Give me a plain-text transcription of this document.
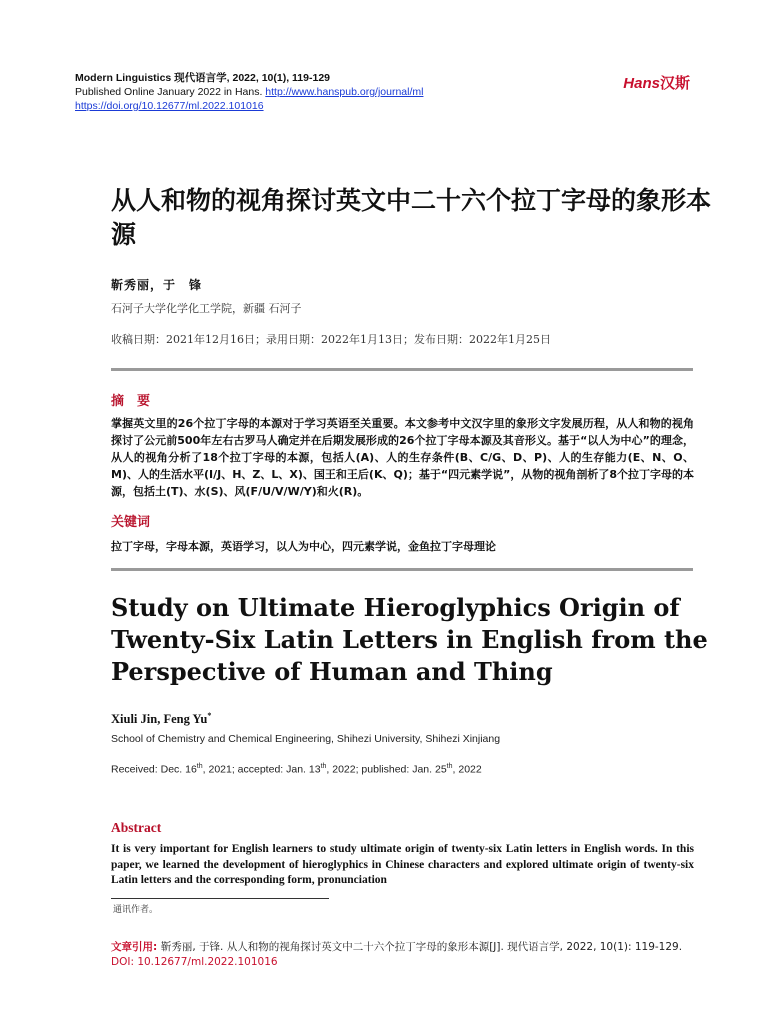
Modern Linguistics 现代语言学, 2022, 10(1), 119-129
Published Online January 2022 in Hans. http://www.hanspub.org/journal/ml
https://doi.org/10.12677/ml.2022.101016
Hans汉斯
从人和物的视角探讨英文中二十六个拉丁字母的象形本源
靳秀丽，于　锋
石河子大学化学化工学院，新疆 石河子
收稿日期：2021年12月16日；录用日期：2022年1月13日；发布日期：2022年1月25日
摘　要
掌握英文里的26个拉丁字母的本源对于学习英语至关重要。本文参考中文汉字里的象形文字发展历程，从人和物的视角探讨了公元前500年左右古罗马人确定并在后期发展形成的26个拉丁字母本源及其音形义。基于“以人为中心”的理念，从人的视角分析了18个拉丁字母的本源，包括人(A)、人的生存条件(B、C/G、D、P)、人的生存能力(E、N、O、M)、人的生活水平(I/J、H、Z、L、X)、国王和王后(K、Q)；基于“四元素学说”，从物的视角剖析了8个拉丁字母的本源，包括土(T)、水(S)、风(F/U/V/W/Y)和火(R)。
关键词
拉丁字母，字母本源，英语学习，以人为中心，四元素学说，金鱼拉丁字母理论
Study on Ultimate Hieroglyphics Origin of Twenty-Six Latin Letters in English from the Perspective of Human and Thing
Xiuli Jin, Feng Yu*
School of Chemistry and Chemical Engineering, Shihezi University, Shihezi Xinjiang
Received: Dec. 16th, 2021; accepted: Jan. 13th, 2022; published: Jan. 25th, 2022
Abstract
It is very important for English learners to study ultimate origin of twenty-six Latin letters in English words. In this paper, we learned the development of hieroglyphics in Chinese characters and explored ultimate origin of twenty-six Latin letters and the corresponding form, pronunciation
通讯作者。
文章引用: 靳秀丽, 于锋. 从人和物的视角探讨英文中二十六个拉丁字母的象形本源[J]. 现代语言学, 2022, 10(1): 119-129. DOI: 10.12677/ml.2022.101016
